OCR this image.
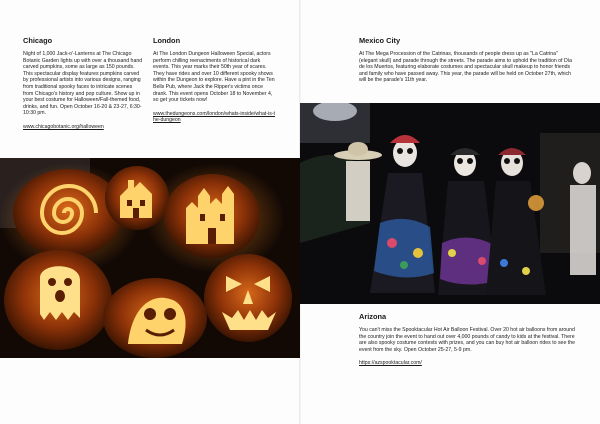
Chicago

Night of 1,000 Jack-o'-Lanterns at The Chicago Botanic Garden lights up with over a thousand hand carved pumpkins, some as large as 150 pounds. This spectacular display features pumpkins carved by professional artists into various designs, ranging from traditional spooky faces to intricate scenes from Chicago's history and pop culture. Show up in your best costume for Halloween/Fall-themed food, drinks, and fun. Open October 16-20 & 23-27, 6:30-10:30 pm.

www.chicagobotanic.org/halloween
London

At The London Dungeon Halloween Special, actors perform chilling reenactments of historical dark events. This year marks their 50th year of scares. They have rides and over 10 different spooky shows within the Dungeon to explore. Have a pint in the Ten Bells Pub, where Jack the Ripper's victims once drank. This event opens October 18 to November 4, so get your tickets now!

www.thedungeons.com/london/whats-inside/what-is-the-dungeon
Mexico City

At The Mega Procession of the Catrinas, thousands of people dress up as "La Catrina" (elegant skull) and parade through the streets. The parade aims to uphold the tradition of Día de los Muertos, featuring elaborate costumes and spectacular skull makeup to honor friends and family who have passed away. This year, the parade will be held on October 27th, which will be the parade's 11th year.

Arizona

You can't miss the Spooktacular Hot Air Balloon Festival. Over 20 hot air balloons from around the country join the event to hand out over 4,000 pounds of candy to kids at the festival. There are also spooky costume contests with prizes, and you can buy hot air balloon rides to see the event from the sky. Open October 25-27, 5-9 pm.

https://azspooktacular.com/
